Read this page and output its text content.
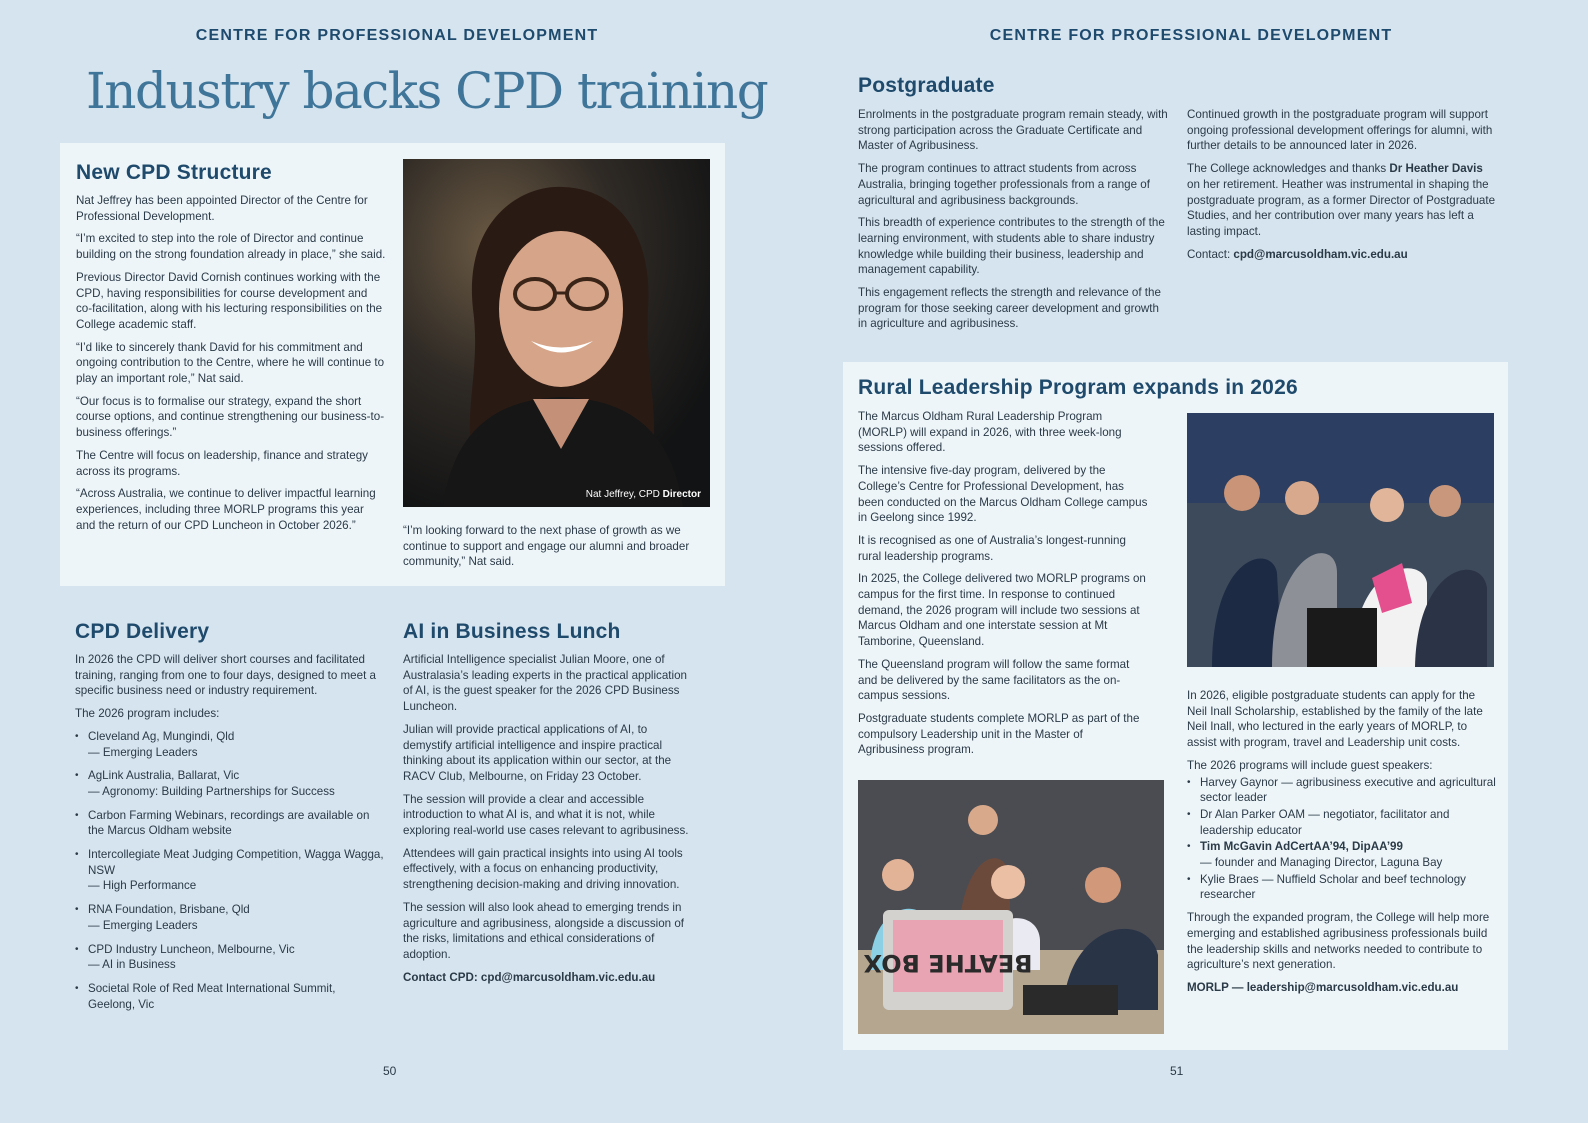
CENTRE FOR PROFESSIONAL DEVELOPMENT
Industry backs CPD training
New CPD Structure

Nat Jeffrey has been appointed Director of the Centre for Professional Development.

“I’m excited to step into the role of Director and continue building on the strong foundation already in place,” she said.

Previous Director David Cornish continues working with the CPD, having responsibilities for course development and co-facilitation, along with his lecturing responsibilities on the College academic staff.

“I’d like to sincerely thank David for his commitment and ongoing contribution to the Centre, where he will continue to play an important role,” Nat said.

“Our focus is to formalise our strategy, expand the short course options, and continue strengthening our business-to-business offerings.”

The Centre will focus on leadership, finance and strategy across its programs.

“Across Australia, we continue to deliver impactful learning experiences, including three MORLP programs this year and the return of our CPD Luncheon in October 2026.”

Nat Jeffrey, CPD Director
“I’m looking forward to the next phase of growth as we continue to support and engage our alumni and broader community,” Nat said.
CPD Delivery

In 2026 the CPD will deliver short courses and facilitated training, ranging from one to four days, designed to meet a specific business need or industry requirement.

The 2026 program includes:

• Cleveland Ag, Mungindi, Qld
— Emerging Leaders
• AgLink Australia, Ballarat, Vic
— Agronomy: Building Partnerships for Success
• Carbon Farming Webinars, recordings are available on the Marcus Oldham website
• Intercollegiate Meat Judging Competition, Wagga Wagga, NSW
— High Performance
• RNA Foundation, Brisbane, Qld
— Emerging Leaders
• CPD Industry Luncheon, Melbourne, Vic
— AI in Business
• Societal Role of Red Meat International Summit, Geelong, Vic
AI in Business Lunch

Artificial Intelligence specialist Julian Moore, one of Australasia’s leading experts in the practical application of AI, is the guest speaker for the 2026 CPD Business Luncheon.

Julian will provide practical applications of AI, to demystify artificial intelligence and inspire practical thinking about its application within our sector, at the RACV Club, Melbourne, on Friday 23 October.

The session will provide a clear and accessible introduction to what AI is, and what it is not, while exploring real-world use cases relevant to agribusiness.

Attendees will gain practical insights into using AI tools effectively, with a focus on enhancing productivity, strengthening decision-making and driving innovation.

The session will also look ahead to emerging trends in agriculture and agribusiness, alongside a discussion of the risks, limitations and ethical considerations of adoption.

Contact CPD: cpd@marcusoldham.vic.edu.au

50
CENTRE FOR PROFESSIONAL DEVELOPMENT
Postgraduate

Enrolments in the postgraduate program remain steady, with strong participation across the Graduate Certificate and Master of Agribusiness.

The program continues to attract students from across Australia, bringing together professionals from a range of agricultural and agribusiness backgrounds.

This breadth of experience contributes to the strength of the learning environment, with students able to share industry knowledge while building their business, leadership and management capability.

This engagement reflects the strength and relevance of the program for those seeking career development and growth in agriculture and agribusiness.

Continued growth in the postgraduate program will support ongoing professional development offerings for alumni, with further details to be announced later in 2026.

The College acknowledges and thanks Dr Heather Davis on her retirement. Heather was instrumental in shaping the postgraduate program, as a former Director of Postgraduate Studies, and her contribution over many years has left a lasting impact.

Contact: cpd@marcusoldham.vic.edu.au

Rural Leadership Program expands in 2026

The Marcus Oldham Rural Leadership Program (MORLP) will expand in 2026, with three week-long sessions offered.

The intensive five-day program, delivered by the College’s Centre for Professional Development, has been conducted on the Marcus Oldham College campus in Geelong since 1992.

It is recognised as one of Australia’s longest-running rural leadership programs.

In 2025, the College delivered two MORLP programs on campus for the first time. In response to continued demand, the 2026 program will include two sessions at Marcus Oldham and one interstate session at Mt Tamborine, Queensland.

The Queensland program will follow the same format and be delivered by the same facilitators as the on-campus sessions.

Postgraduate students complete MORLP as part of the compulsory Leadership unit in the Master of Agribusiness program.

BEATHE BOX

In 2026, eligible postgraduate students can apply for the Neil Inall Scholarship, established by the family of the late Neil Inall, who lectured in the early years of MORLP, to assist with program, travel and Leadership unit costs.

The 2026 programs will include guest speakers:

• Harvey Gaynor — agribusiness executive and agricultural sector leader
• Dr Alan Parker OAM — negotiator, facilitator and leadership educator
• Tim McGavin AdCertAA’94, DipAA’99
— founder and Managing Director, Laguna Bay
• Kylie Braes — Nuffield Scholar and beef technology researcher

Through the expanded program, the College will help more emerging and established agribusiness professionals build the leadership skills and networks needed to contribute to agriculture’s next generation.

MORLP — leadership@marcusoldham.vic.edu.au

51
